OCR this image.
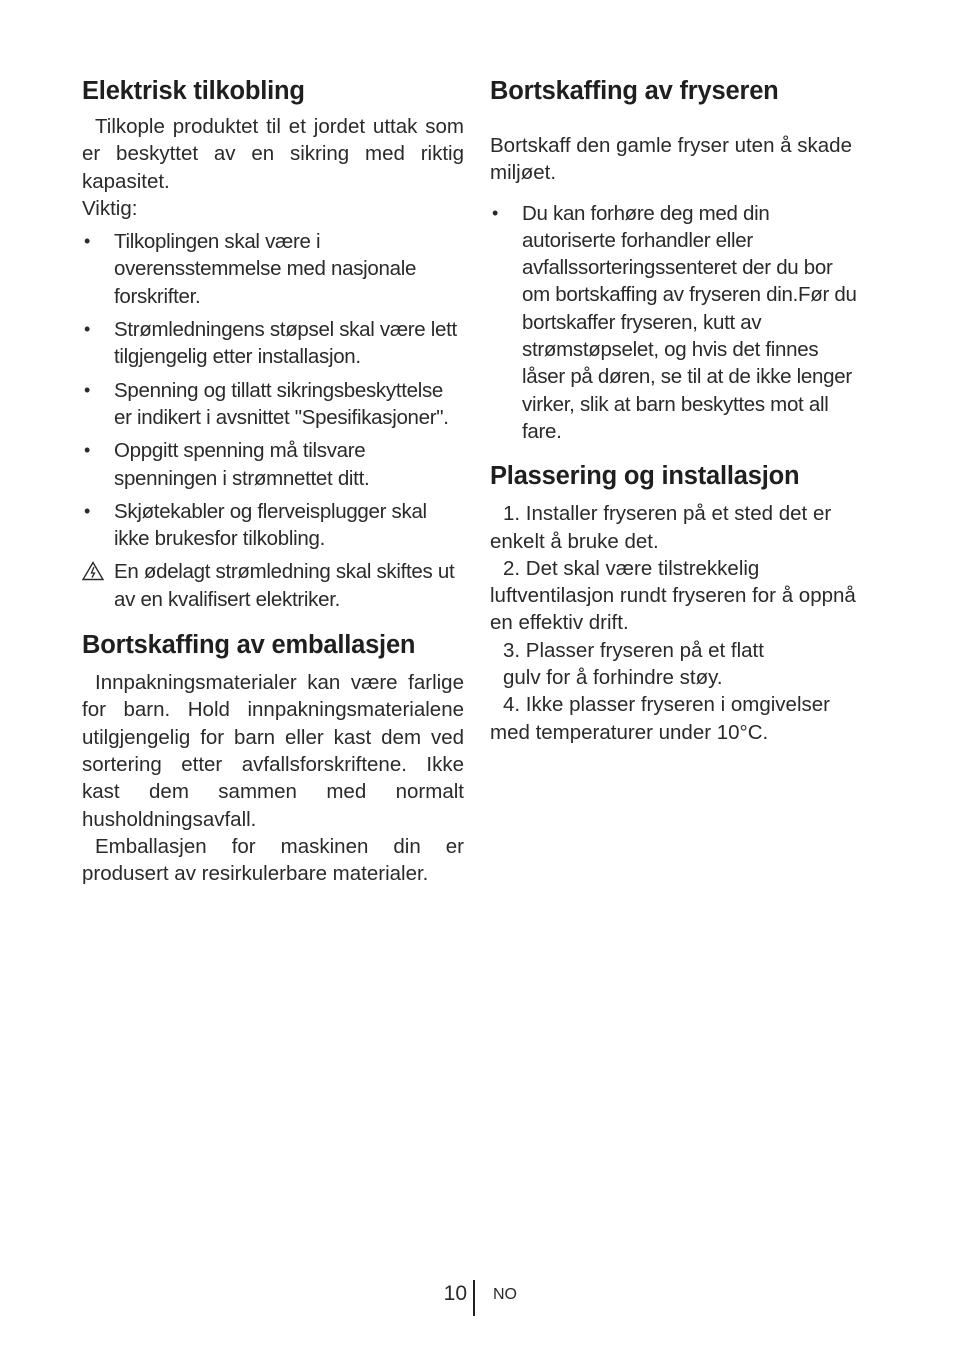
Elektrisk tilkobling

Tilkople produktet til et jordet uttak som er beskyttet av en sikring med riktig kapasitet.

Viktig:

• Tilkoplingen skal være i overensstemmelse med nasjonale forskrifter.
• Strømledningens støpsel skal være lett tilgjengelig etter installasjon.
• Spenning og tillatt sikringsbeskyttelse er indikert i avsnittet "Spesifikasjoner".
• Oppgitt spenning må tilsvare spenningen i strømnettet ditt.
• Skjøtekabler og flerveisplugger skal ikke brukesfor tilkobling.
En ødelagt strømledning skal skiftes ut av en kvalifisert elektriker.
Bortskaffing av emballasjen

Innpakningsmaterialer kan være farlige for barn. Hold innpakningsmaterialene utilgjengelig for barn eller kast dem ved sortering etter avfallsforskriftene. Ikke kast dem sammen med normalt husholdningsavfall.

Emballasjen for maskinen din er produsert av resirkulerbare materialer.

Bortskaffing av fryseren

Bortskaff den gamle fryser uten å skade miljøet.

• Du kan forhøre deg med din autoriserte forhandler eller avfallssorteringssenteret der du bor om bortskaffing av fryseren din.Før du bortskaffer fryseren, kutt av strømstøpselet, og hvis det finnes låser på døren, se til at de ikke lenger virker, slik at barn beskyttes mot all fare.
Plassering og installasjon

1. Installer fryseren på et sted det er enkelt å bruke det.

2. Det skal være tilstrekkelig luftventilasjon rundt fryseren for å oppnå en effektiv drift.

3. Plasser fryseren på et flatt gulv for å forhindre støy.

4. Ikke plasser fryseren i omgivelser med temperaturer under 10°C.

10 NO
